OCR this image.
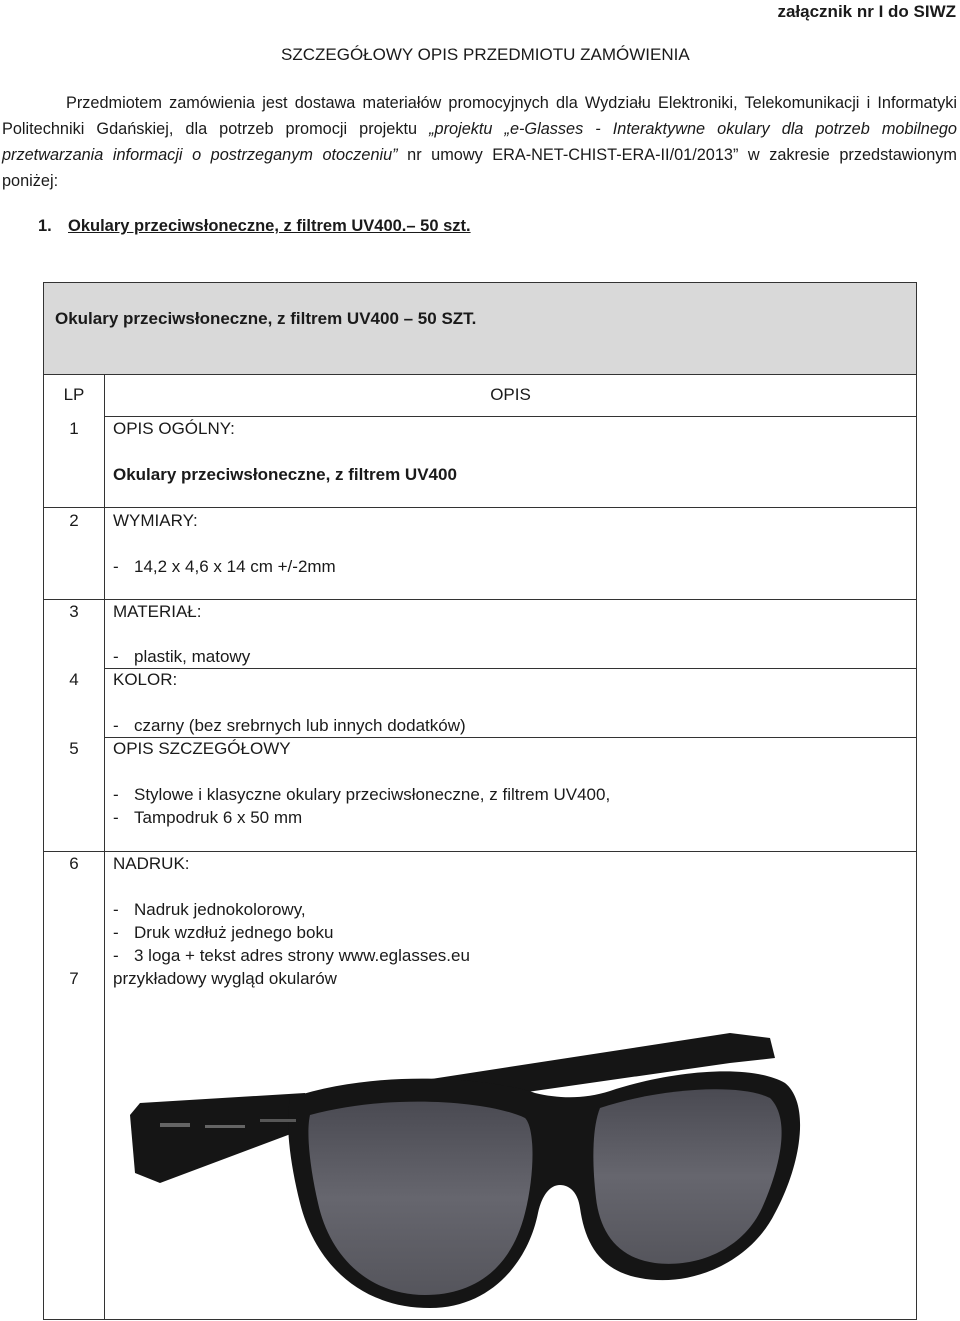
załącznik nr I do SIWZ
SZCZEGÓŁOWY OPIS PRZEDMIOTU ZAMÓWIENIA
Przedmiotem zamówienia jest dostawa materiałów promocyjnych dla Wydziału Elektroniki, Telekomunikacji i Informatyki
Politechniki Gdańskiej, dla potrzeb promocji projektu „projektu „e-Glasses - Interaktywne okulary dla potrzeb mobilnego
przetwarzania informacji o postrzeganym otoczeniu” nr umowy ERA-NET-CHIST-ERA-II/01/2013” w zakresie przedstawionym
poniżej:
1. Okulary przeciwsłoneczne, z filtrem UV400.– 50 szt.
Okulary przeciwsłoneczne, z filtrem UV400 – 50 SZT.
LP	OPIS
1	OPIS OGÓLNY:
Okulary przeciwsłoneczne, z filtrem UV400
2	WYMIARY:
- 14,2 x 4,6 x 14 cm +/-2mm
3	MATERIAŁ:
- plastik, matowy
4	KOLOR:
- czarny (bez srebrnych lub innych dodatków)
5	OPIS SZCZEGÓŁOWY
- Stylowe i klasyczne okulary przeciwsłoneczne, z filtrem UV400,
- Tampodruk 6 x 50 mm
6	NADRUK:
- Nadruk jednokolorowy,
- Druk wzdłuż jednego boku
- 3 loga + tekst adres strony www.eglasses.eu
7	przykładowy wygląd okularów
